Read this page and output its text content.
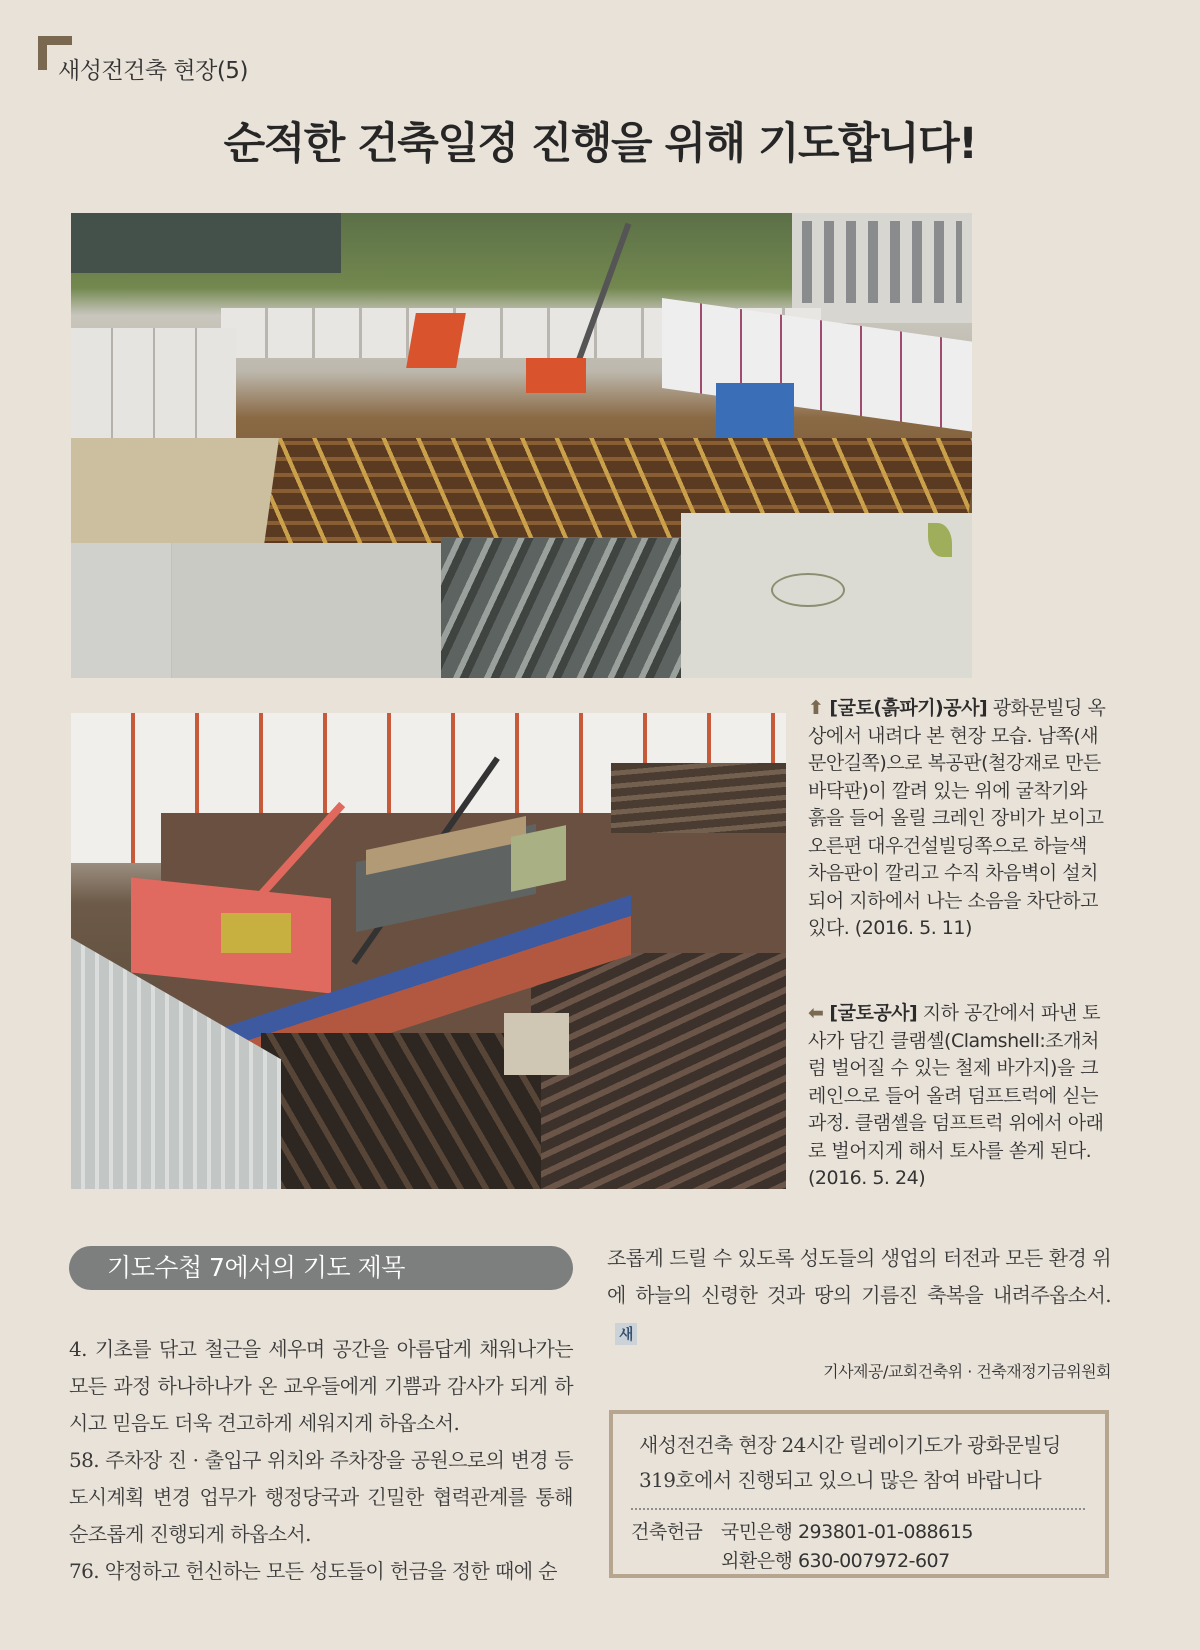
새성전건축 현장(5)
순적한 건축일정 진행을 위해 기도합니다!
⬆ [굴토(흙파기)공사] 광화문빌딩 옥상에서 내려다 본 현장 모습. 남쪽(새문안길쪽)으로 복공판(철강재로 만든 바닥판)이 깔려 있는 위에 굴착기와 흙을 들어 올릴 크레인 장비가 보이고 오른편 대우건설빌딩쪽으로 하늘색 차음판이 깔리고 수직 차음벽이 설치되어 지하에서 나는 소음을 차단하고 있다. (2016. 5. 11)
⬅ [굴토공사] 지하 공간에서 파낸 토사가 담긴 클램셸(Clamshell:조개처럼 벌어질 수 있는 철제 바가지)을 크레인으로 들어 올려 덤프트럭에 싣는 과정. 클램셸을 덤프트럭 위에서 아래로 벌어지게 해서 토사를 쏟게 된다. (2016. 5. 24)
기도수첩 7에서의 기도 제목

4. 기초를 닦고 철근을 세우며 공간을 아름답게 채워나가는 모든 과정 하나하나가 온 교우들에게 기쁨과 감사가 되게 하시고 믿음도 더욱 견고하게 세워지게 하옵소서.

58. 주차장 진 · 출입구 위치와 주차장을 공원으로의 변경 등 도시계획 변경 업무가 행정당국과 긴밀한 협력관계를 통해 순조롭게 진행되게 하옵소서.

76. 약정하고 헌신하는 모든 성도들이 헌금을 정한 때에 순

조롭게 드릴 수 있도록 성도들의 생업의 터전과 모든 환경 위에 하늘의 신령한 것과 땅의 기름진 축복을 내려주옵소서.새
기사제공/교회건축위 · 건축재정기금위원회
새성전건축 현장 24시간 릴레이기도가 광화문빌딩 319호에서 진행되고 있으니 많은 참여 바랍니다
건축헌금 국민은행 293801-01-088615
외환은행 630-007972-607
